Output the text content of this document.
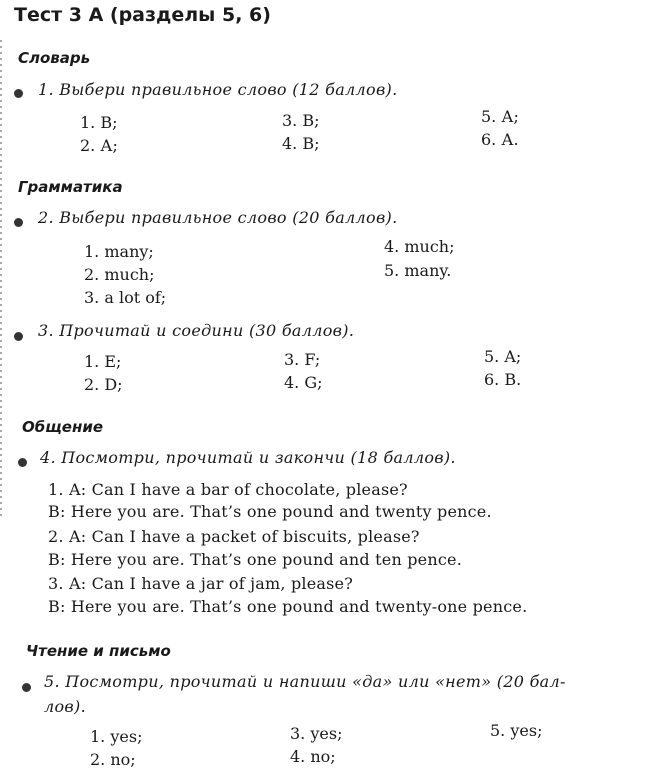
Тест 3 А (разделы 5, 6)
Словарь
1. Выбери правильное слово (12 баллов).
1. В;
2. А;
3. В;
4. В;
5. А;
6. А.
Грамматика
2. Выбери правильное слово (20 баллов).
1. many;
2. much;
3. a lot of;
4. much;
5. many.
3. Прочитай и соедини (30 баллов).
1. E;
2. D;
3. F;
4. G;
5. A;
6. B.
Общение
4. Посмотри, прочитай и закончи (18 баллов).
1. A: Can I have a bar of chocolate, please?
B: Here you are. That’s one pound and twenty pence.
2. A: Can I have a packet of biscuits, please?
B: Here you are. That’s one pound and ten pence.
3. A: Can I have a jar of jam, please?
B: Here you are. That’s one pound and twenty-one pence.
Чтение и письмо
5. Посмотри, прочитай и напиши «да» или «нет» (20 бал-
лов).
1. yes;
2. no;
3. yes;
4. no;
5. yes;
